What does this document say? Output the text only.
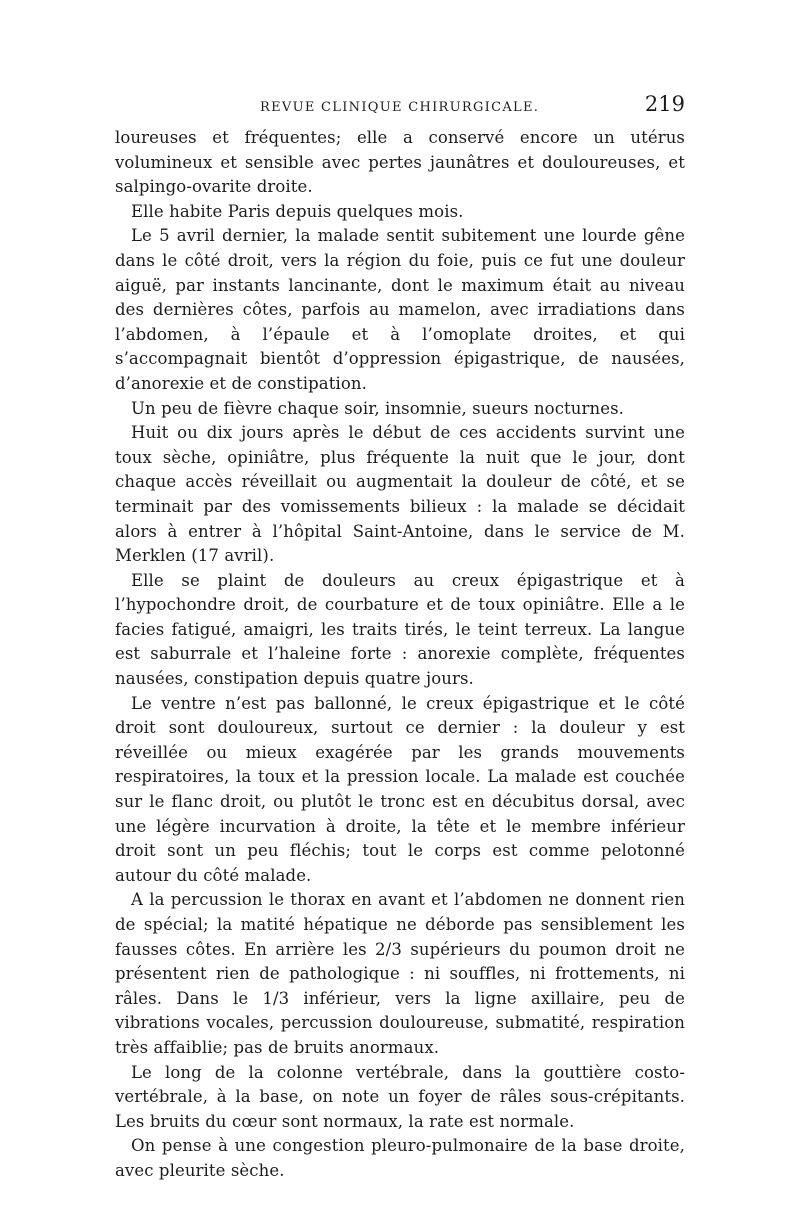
REVUE CLINIQUE CHIRURGICALE.	219

loureuses et fréquentes; elle a conservé encore un utérus volumineux et sensible avec pertes jaunâtres et douloureuses, et salpingo-ovarite droite.

Elle habite Paris depuis quelques mois.

Le 5 avril dernier, la malade sentit subitement une lourde gêne dans le côté droit, vers la région du foie, puis ce fut une douleur aiguë, par instants lancinante, dont le maximum était au niveau des dernières côtes, parfois au mamelon, avec irradiations dans l’abdomen, à l’épaule et à l’omoplate droites, et qui s’accompagnait bientôt d’oppression épigastrique, de nausées, d’anorexie et de constipation.

Un peu de fièvre chaque soir, insomnie, sueurs nocturnes.

Huit ou dix jours après le début de ces accidents survint une toux sèche, opiniâtre, plus fréquente la nuit que le jour, dont chaque accès réveillait ou augmentait la douleur de côté, et se terminait par des vomissements bilieux : la malade se décidait alors à entrer à l’hôpital Saint-Antoine, dans le service de M. Merklen (17 avril).

Elle se plaint de douleurs au creux épigastrique et à l’hypochondre droit, de courbature et de toux opiniâtre. Elle a le facies fatigué, amaigri, les traits tirés, le teint terreux. La langue est saburrale et l’haleine forte : anorexie complète, fréquentes nausées, constipation depuis quatre jours.

Le ventre n’est pas ballonné, le creux épigastrique et le côté droit sont douloureux, surtout ce dernier : la douleur y est réveillée ou mieux exagérée par les grands mouvements respiratoires, la toux et la pression locale. La malade est couchée sur le flanc droit, ou plutôt le tronc est en décubitus dorsal, avec une légère incurvation à droite, la tête et le membre inférieur droit sont un peu fléchis; tout le corps est comme pelotonné autour du côté malade.

A la percussion le thorax en avant et l’abdomen ne donnent rien de spécial; la matité hépatique ne déborde pas sensiblement les fausses côtes. En arrière les 2/3 supérieurs du poumon droit ne présentent rien de pathologique : ni souffles, ni frottements, ni râles. Dans le 1/3 inférieur, vers la ligne axillaire, peu de vibrations vocales, percussion douloureuse, submatité, respiration très affaiblie; pas de bruits anormaux.

Le long de la colonne vertébrale, dans la gouttière costo-vertébrale, à la base, on note un foyer de râles sous-crépitants. Les bruits du cœur sont normaux, la rate est normale.

On pense à une congestion pleuro-pulmonaire de la base droite, avec pleurite sèche.
